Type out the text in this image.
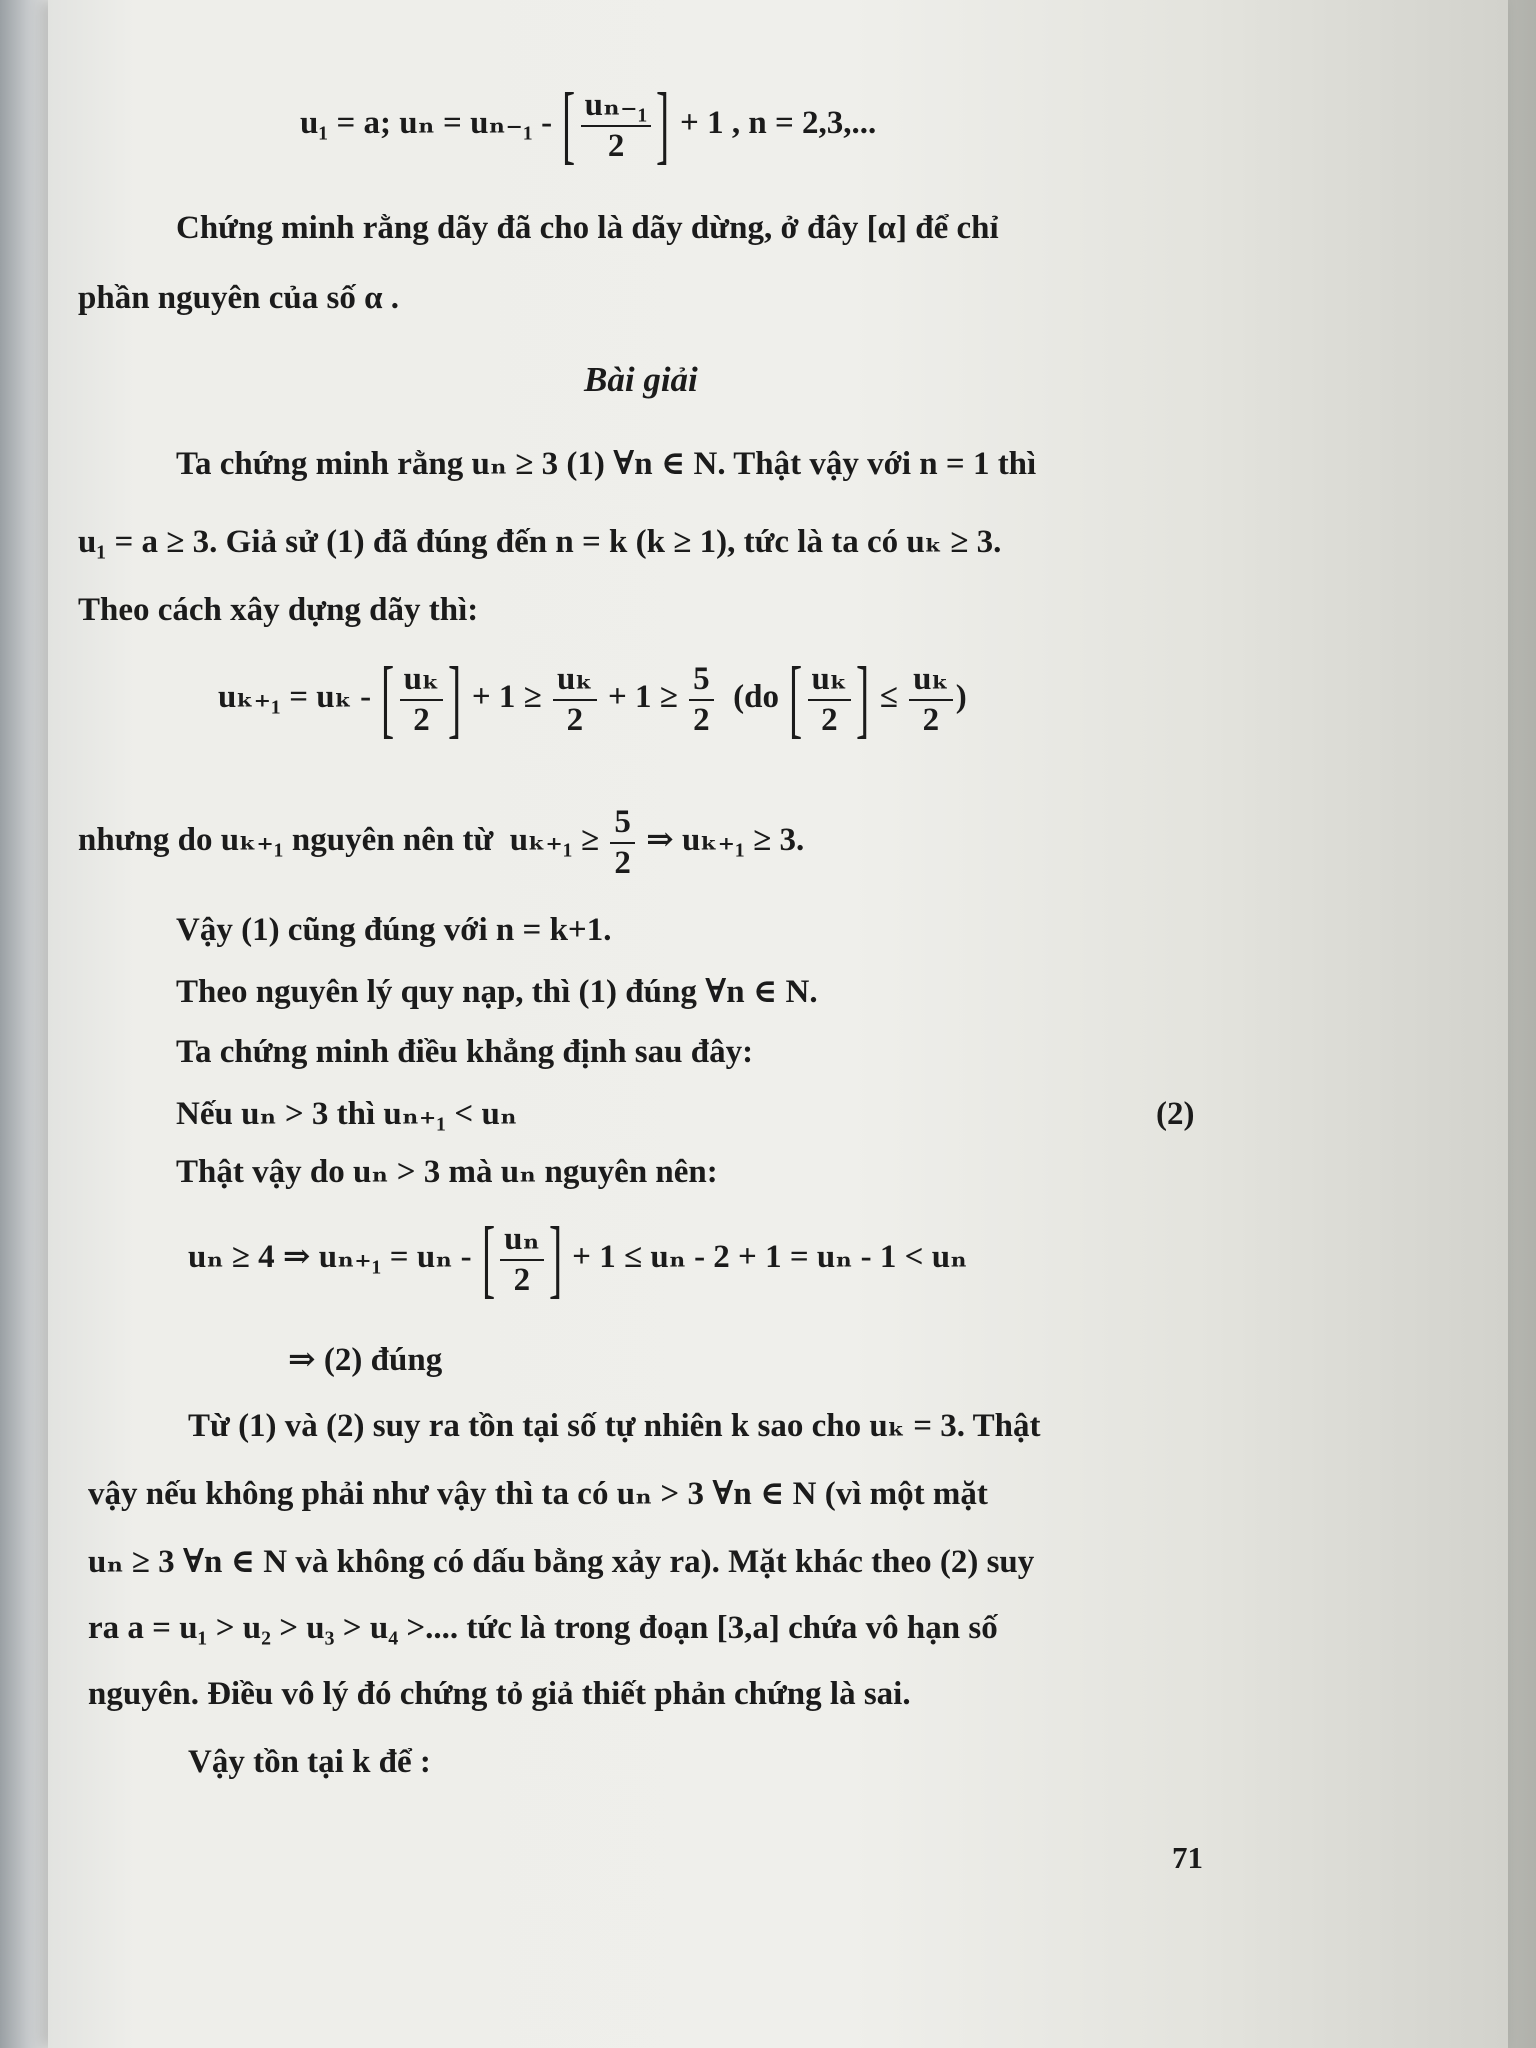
u₁ = a; uₙ = uₙ₋₁ - [ $\frac{\text{uₙ₋₁}}{2}$ ] + 1 , n = 2,3,...
Chứng minh rằng dãy đã cho là dãy dừng, ở đây [α] để chỉ
phần nguyên của số α .
Bài giải
Ta chứng minh rằng uₙ ≥ 3 (1) ∀n ∈ N. Thật vậy với n = 1 thì
u₁ = a ≥ 3. Giả sử (1) đã đúng đến n = k (k ≥ 1), tức là ta có uₖ ≥ 3.
Theo cách xây dựng dãy thì:
uₖ₊₁ = uₖ - [ $\frac{\text{uₖ}}{2}$ ] + $1 \ge \frac{\text{uₖ}}{2} + 1 \ge \frac{5}{2} (do$ [ $\frac{\text{uₖ}}{2}$ ] ≤ $\frac{\text{uₖ}}{2}$ )
nhưng do uₖ₊₁ nguyên nên từ $u_{k+1} \ge \frac{5}{2}$ ⇒ uₖ₊₁ ≥ 3.
Vậy (1) cũng đúng với n = k+1.
Theo nguyên lý quy nạp, thì (1) đúng ∀n ∈ N.
Ta chứng minh điều khẳng định sau đây:
Nếu uₙ > 3 thì uₙ₊₁ < uₙ	(2)
Thật vậy do uₙ > 3 mà uₙ nguyên nên:
uₙ ≥ 4 ⇒ uₙ₊₁ = uₙ - [ $\frac{\text{uₙ}}{2}$ ] + 1 ≤ uₙ - 2 + 1 = uₙ - 1 < uₙ
⇒ (2) đúng
Từ (1) và (2) suy ra tồn tại số tự nhiên k sao cho uₖ = 3. Thật
vậy nếu không phải như vậy thì ta có uₙ > 3 ∀n ∈ N (vì một mặt
uₙ ≥ 3 ∀n ∈ N và không có dấu bằng xảy ra). Mặt khác theo (2) suy
ra a = u₁ > u₂ > u₃ > u₄ >.... tức là trong đoạn [3,a] chứa vô hạn số
nguyên. Điều vô lý đó chứng tỏ giả thiết phản chứng là sai.
Vậy tồn tại k để :
71
